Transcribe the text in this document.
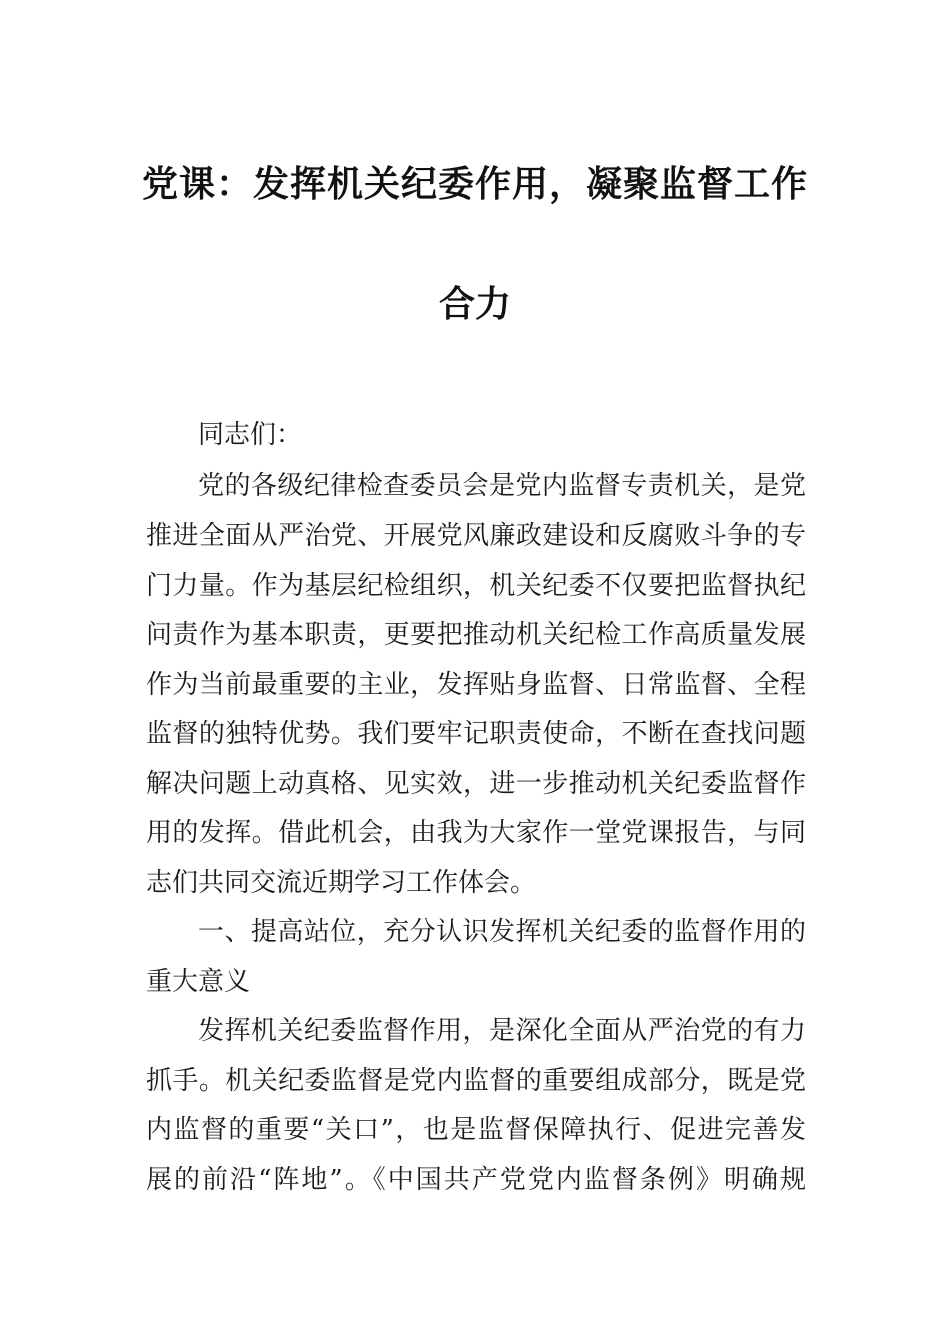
党课：发挥机关纪委作用，凝聚监督工作
合力
同志们：
党的各级纪律检查委员会是党内监督专责机关，是党
推进全面从严治党、开展党风廉政建设和反腐败斗争的专
门力量。作为基层纪检组织，机关纪委不仅要把监督执纪
问责作为基本职责，更要把推动机关纪检工作高质量发展
作为当前最重要的主业，发挥贴身监督、日常监督、全程
监督的独特优势。我们要牢记职责使命，不断在查找问题
解决问题上动真格、见实效，进一步推动机关纪委监督作
用的发挥。借此机会，由我为大家作一堂党课报告，与同
志们共同交流近期学习工作体会。
一、提高站位，充分认识发挥机关纪委的监督作用的
重大意义
发挥机关纪委监督作用，是深化全面从严治党的有力
抓手。机关纪委监督是党内监督的重要组成部分，既是党
内监督的重要“关口”，也是监督保障执行、促进完善发
展的前沿“阵地”。《中国共产党党内监督条例》明确规
